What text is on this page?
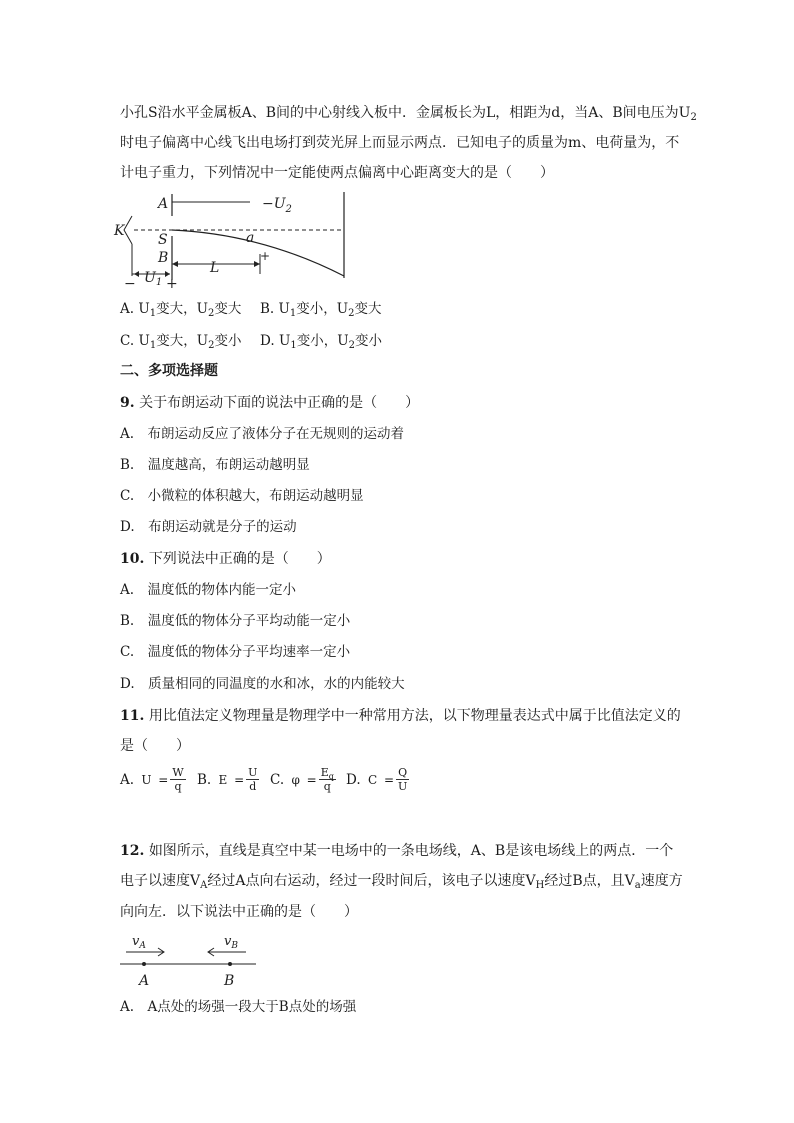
小孔S沿水平金属板A、B间的中心射线入板中．金属板长为L，相距为d，当A、B间电压为$U_2$
时电子偏离中心线飞出电场打到荧光屏上而显示两点．已知电子的质量为m、电荷量为，不
计电子重力，下列情况中一定能使两点偏离中心距离变大的是（　　）
A	$-U_2$
K
S	a
B	+
L
$U_1$
− +
A. $U_1$变大，$U_2$变大 B. $U_1$变小，$U_2$变大
C. $U_1$变大，$U_2$变小 D. $U_1$变小，$U_2$变小
二、多项选择题
9. 关于布朗运动下面的说法中正确的是（　　）
A.　布朗运动反应了液体分子在无规则的运动着
B.　温度越高，布朗运动越明显
C.　小微粒的体积越大，布朗运动越明显
D.　布朗运动就是分子的运动
10. 下列说法中正确的是（　　）
A.　温度低的物体内能一定小
B.　温度低的物体分子平均动能一定小
C.　温度低的物体分子平均速率一定小
D.　质量相同的同温度的水和冰，水的内能较大
11. 用比值法定义物理量是物理学中一种常用方法，以下物理量表达式中属于比值法定义的
是（　　）
A.
$U = \frac{W}{q} B$.
$E = \frac{U}{d} C$.
$\varphi = \frac{E_q}{q} D$.
$C = \frac{Q}{U}$
12. 如图所示，直线是真空中某一电场中的一条电场线，A、B是该电场线上的两点．一个
电子以速度$V_A$经过A点向右运动，经过一段时间后，该电子以速度$V_H$经过B点，且$V_a$速度方
向向左．以下说法中正确的是（　　）
$v_A$	$v_B$
A	B
A.　A点处的场强一段大于B点处的场强
